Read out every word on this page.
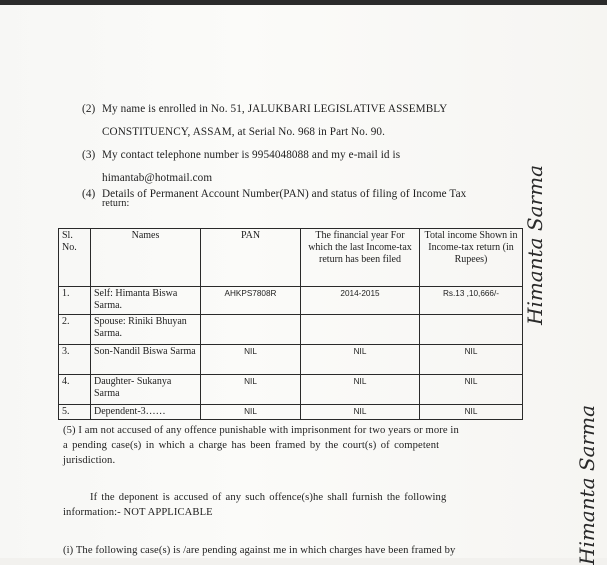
(2) My name is enrolled in No. 51, JALUKBARI LEGISLATIVE ASSEMBLY
CONSTITUENCY, ASSAM, at Serial No. 968 in Part No. 90.
(3) My contact telephone number is 9954048088 and my e-mail id is
himantab@hotmail.com
(4) Details of Permanent Account Number(PAN) and status of filing of Income Tax
return:
Sl. No.	Names	PAN	The financial year For which the last Income-tax return has been filed	Total income Shown in Income-tax return (in Rupees)
1.	Self: Himanta Biswa Sarma.	AHKPS7808R	2014-2015	Rs.13 ,10,666/-
2.	Spouse: Riniki Bhuyan Sarma.			
3.	Son-Nandil Biswa Sarma	NIL	NIL	NIL
4.	Daughter- Sukanya Sarma	NIL	NIL	NIL
5.	Dependent-3……	NIL	NIL	NIL
(5) I am not accused of any offence punishable with imprisonment for two years or more in
a pending case(s) in which a charge has been framed by the court(s) of competent
jurisdiction.
If the deponent is accused of any such offence(s)he shall furnish the following
information:- NOT APPLICABLE
(i) The following case(s) is /are pending against me in which charges have been framed by
Himanta Sarma
Himanta Sarma
